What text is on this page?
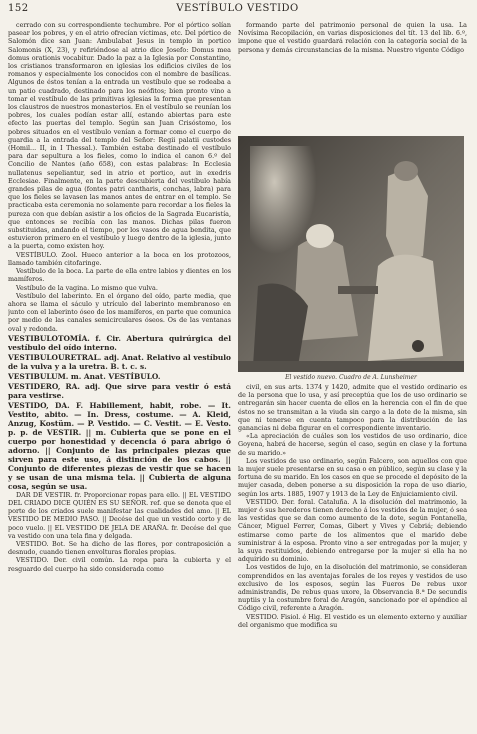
152	VESTÍBULO VESTIDO

cerrado con su correspondiente techumbre. Por el pórtico solían pasear los pobres, y en el atrio ofrecían víctimas, etc. Del pórtico de Salomón dice san Juan: Ambulabat Jesus in templo in portico Salomonis (X, 23), y refiriéndose al atrio dice Josefo: Domus mea domus orationis vocabitur. Dado la paz a la Iglesia por Constantino, los cristianos transformaron en iglesias los edificios civiles de los romanos y especialmente los conocidos con el nombre de basílicas. Algunos de éstos tenían a la entrada un vestíbulo que se rodeaba a un patio cuadrado, destinado para los neófitos; bien pronto vino a tomar el vestíbulo de las primitivas iglesias la forma que presentan los claustros de nuestros monasterios. En el vestíbulo se reunían los pobres, los cuales podían estar allí, estando abiertas para este efecto las puertas del templo. Según san Juan Crisóstomo, los pobres situados en el vestíbulo venían a formar como el cuerpo de guardia a la entrada del templo del Señor: Regii palatii custodes (Homil... II, in I Thessal.). También estaba destinado el vestíbulo para dar sepultura a los fieles, como lo indica el canon 6.º del Concilio de Nantes (año 658), con estas palabras: In Ecclesia nullatenus sepeliantur, sed in atrio et portico, aut in exedris Ecclesiae. Finalmente, en la parte descubierta del vestíbulo había grandes pilas de agua (fontes patri cantharis, conchas, labra) para que los fieles se lavasen las manos antes de entrar en el templo. Se practicaba esta ceremonia no solamente para recordar a los fieles la pureza con que debían asistir a los oficios de la Sagrada Eucaristía, que entonces se recibía con las manos. Dichas pilas fueron substituidas, andando el tiempo, por los vasos de agua bendita, que estuvieron primero en el vestíbulo y luego dentro de la iglesia, junto a la puerta, como existen hoy.

VESTÍBULO. Zool. Hueco anterior a la boca en los protozoos, llamado también citofaringe.

Vestíbulo de la boca. La parte de ella entre labios y dientes en los mamíferos.

Vestíbulo de la vagina. Lo mismo que vulva.

Vestíbulo del laberinto. En el órgano del oído, parte media, que ahora se llama el sáculo y utrículo del laberinto membranoso en junto con el laberinto óseo de los mamíferos, en parte que comunica por medio de las canales semicirculares óseos. Os de las ventanas oval y redonda.

VESTIBULOTOMÍA. f. Cir. Abertura quirúrgica del vestíbulo del oído interno.

VESTIBULOURETRAL. adj. Anat. Relativo al vestíbulo de la vulva y a la uretra. B. t. c. s.

VESTIBULUM. m. Anat. VESTÍBULO.

VESTIDERO, RA. adj. Que sirve para vestir ó está para vestirse.

VESTIDO, DA. F. Habillement, habit, robe. — It. Vestito, abito. — In. Dress, costume. — A. Kleid, Anzug, Kostüm. — P. Vestido. — C. Vestit. — E. Vesto. p. p. de VESTIR. || m. Cubierta que se pone en el cuerpo por honestidad y decencia ó para abrigo ó adorno. || Conjunto de las principales piezas que sirven para este uso, á distinción de los cabos. || Conjunto de diferentes piezas de vestir que se hacen y se usan de una misma tela. || Cubierta de alguna cosa, según se usa.

DAR DE VESTIR. fr. Proporcionar ropas para ello. || EL VESTIDO DEL CRIADO DICE QUIÉN ES SU SEÑOR. ref. que se denota que el porte de los criados suele manifestar las cualidades del amo. || EL VESTIDO DE MEDIO PASO. || Decése del que un vestido corto y de poco vuelo. || EL VESTIDO DE JELA DE ARAÑA. fr. Decése del que va vestido con una tela fina y delgada.

VESTIDO. Bot. Se ha dicho de las flores, por contraposición a desnudo, cuando tienen envolturas florales propias.

VESTIDO. Der. civil común. La ropa para la cubierta y el resguardo del cuerpo ha sido considerada como

formando parte del patrimonio personal de quien la usa. La Novísima Recopilación, en varias disposiciones del tít. 13 del lib. 6.º, impone que el vestido guardará relación con la categoría social de la persona y demás circunstancias de la misma. Nuestro vigente Código

El vestido nuevo. Cuadro de A. Lunsheimer

civil, en sus arts. 1374 y 1420, admite que el vestido ordinario es de la persona que lo usa, y así preceptúa que los de uso ordinario se entregarán sin hacer cuenta de ellos en la herencia con el fin de que éstos no se transmitan a la viuda sin cargo a la dote de la misma, sin que ni tenerse en cuenta tampoco para la distribución de las ganancias ni deba figurar en el correspondiente inventario.

«La apreciación de cuáles son los vestidos de uso ordinario, dice Goyena, habrá de hacerse, según el caso, según en clase y la fortuna de su marido.»

Los vestidos de uso ordinario, según Falcero, son aquellos con que la mujer suele presentarse en su casa o en público, según su clase y la fortuna de su marido. En los casos en que se procede el depósito de la mujer casada, deben ponerse a su disposición la ropa de uso diario, según los arts. 1885, 1907 y 1913 de la Ley de Enjuiciamiento civil.

VESTIDO. Der. foral. Cataluña. A la disolución del matrimonio, la mujer ó sus herederos tienen derecho á los vestidos de la mujer, ó sea las vestidas que se dan como aumento de la dote, según Fontanella, Cáncer, Miguel Ferrer, Comas, Gibert y Vives y Cebriá; debiendo estimarse como parte de los alimentos que el marido debe suministrar á la esposa. Pronto vino a ser entregadas por la mujer, y la suya restituidos, debiendo entregarse por la mujer si ella ha no adquirido su dominio.

Los vestidos de lujo, en la disolución del matrimonio, se consideran comprendidos en las aventajas forales de los reyes y vestidos de uso exclusivo de los esposos, según las Fueros De rebus uxor administrandis, De rebus quas uxore, la Observancia 8.ª De secundis nuptiis y la costumbre foral de Aragón, sancionado por el apéndice al Código civil, referente a Aragón.

VESTIDO. Fisiol. é Hig. El vestido es un elemento externo y auxiliar del organismo que modifica su
